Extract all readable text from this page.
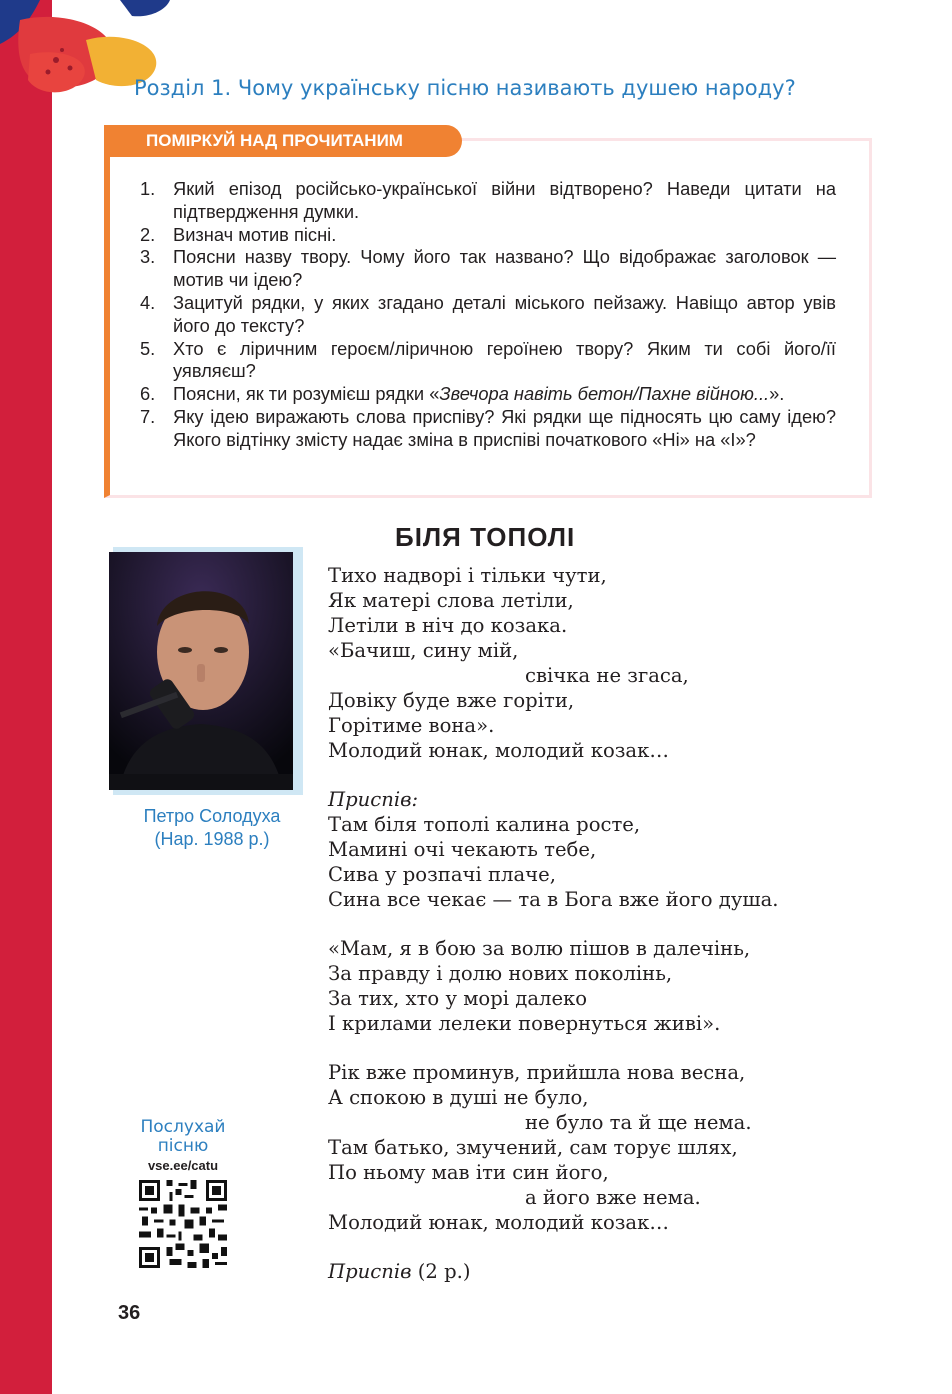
Розділ 1. Чому українську пісню називають душею народу?
ПОМІРКУЙ НАД ПРОЧИТАНИМ
1. Який епізод російсько-української війни відтворено? Наведи цитати на підтвердження думки.
2. Визнач мотив пісні.
3. Поясни назву твору. Чому його так названо? Що відображає заголовок — мотив чи ідею?
4. Зацитуй рядки, у яких згадано деталі міського пейзажу. Навіщо автор увів його до тексту?
5. Хто є ліричним героєм/ліричною героїнею твору? Яким ти собі його/її уявляєш?
6. Поясни, як ти розумієш рядки «Звечора навіть бетон/Пахне війною...».
7. Яку ідею виражають слова приспіву? Які рядки ще підносять цю саму ідею? Якого відтінку змісту надає зміна в приспіві початкового «Ні» на «І»?
БІЛЯ ТОПОЛІ
Петро Солодуха
(Нар. 1988 р.)
Послухай
пісню
vse.ee/catu
Тихо надворі і тільки чути,
Як матері слова летіли,
Летіли в ніч до козака.
«Бачиш, сину мій,
свічка не згаса,
Довіку буде вже горіти,
Горітиме вона».
Молодий юнак, молодий козак…
Приспів:
Там біля тополі калина росте,
Мамині очі чекають тебе,
Сива у розпачі плаче,
Сина все чекає — та в Бога вже його душа.
«Мам, я в бою за волю пішов в далечінь,
За правду і долю нових поколінь,
За тих, хто у морі далеко
І крилами лелеки повернуться живі».
Рік вже проминув, прийшла нова весна,
А спокою в душі не було,
не було та й ще нема.
Там батько, змучений, сам торує шлях,
По ньому мав іти син його,
а його вже нема.
Молодий юнак, молодий козак…
Приспів (2 р.)
36
